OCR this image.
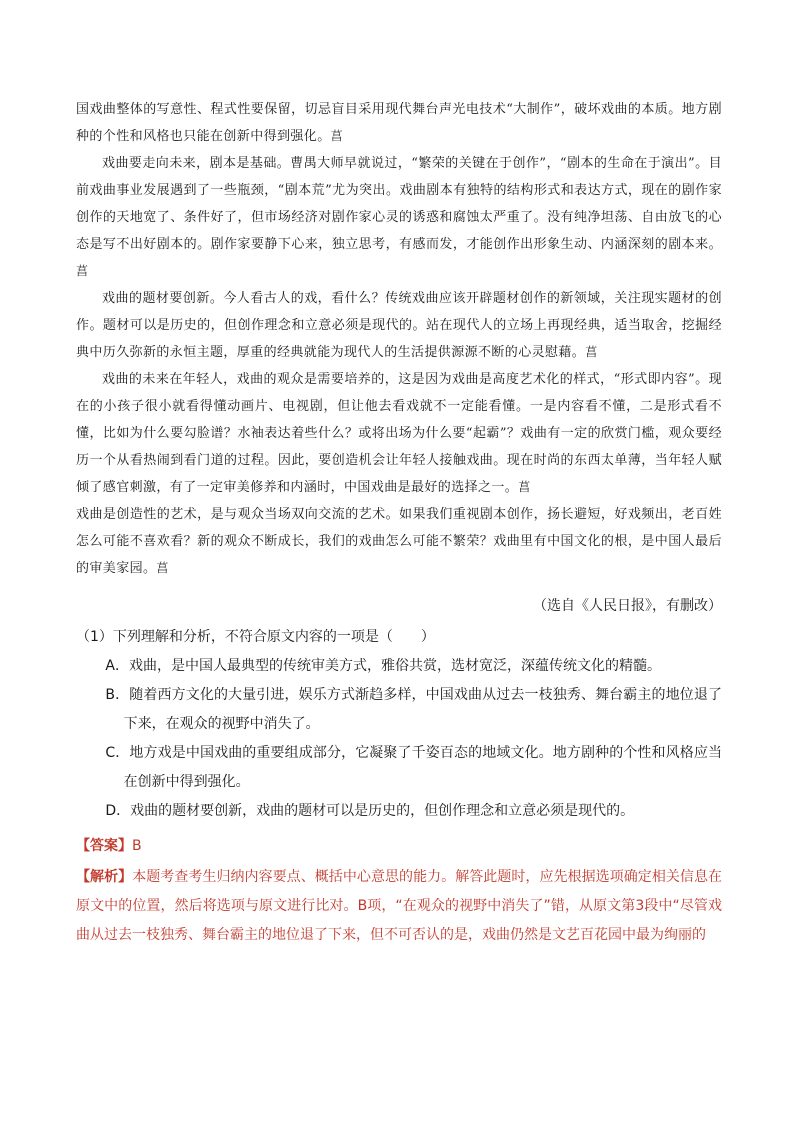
国戏曲整体的写意性、程式性要保留，切忌盲目采用现代舞台声光电技术“大制作”，破坏戏曲的本质。地方剧种的个性和风格也只能在创新中得到强化。菖

戏曲要走向未来，剧本是基础。曹禺大师早就说过，“繁荣的关键在于创作”，“剧本的生命在于演出”。目前戏曲事业发展遇到了一些瓶颈，“剧本荒”尤为突出。戏曲剧本有独特的结构形式和表达方式，现在的剧作家创作的天地宽了、条件好了，但市场经济对剧作家心灵的诱惑和腐蚀太严重了。没有纯净坦荡、自由放飞的心态是写不出好剧本的。剧作家要静下心来，独立思考，有感而发，才能创作出形象生动、内涵深刻的剧本来。菖

戏曲的题材要创新。今人看古人的戏，看什么？传统戏曲应该开辟题材创作的新领域，关注现实题材的创作。题材可以是历史的，但创作理念和立意必须是现代的。站在现代人的立场上再现经典，适当取舍，挖掘经典中历久弥新的永恒主题，厚重的经典就能为现代人的生活提供源源不断的心灵慰藉。菖

戏曲的未来在年轻人，戏曲的观众是需要培养的，这是因为戏曲是高度艺术化的样式，“形式即内容”。现在的小孩子很小就看得懂动画片、电视剧，但让他去看戏就不一定能看懂。一是内容看不懂，二是形式看不懂，比如为什么要勾脸谱？水袖表达着些什么？或将出场为什么要“起霸”？戏曲有一定的欣赏门槛，观众要经历一个从看热闹到看门道的过程。因此，要创造机会让年轻人接触戏曲。现在时尚的东西太单薄，当年轻人赋倾了感官刺激，有了一定审美修养和内涵时，中国戏曲是最好的选择之一。菖

戏曲是创造性的艺术，是与观众当场双向交流的艺术。如果我们重视剧本创作，扬长避短，好戏频出，老百姓怎么可能不喜欢看？新的观众不断成长，我们的戏曲怎么可能不繁荣？戏曲里有中国文化的根，是中国人最后的审美家园。菖

（选自《人民日报》，有删改）

（1）下列理解和分析，不符合原文内容的一项是（　　）

A．戏曲，是中国人最典型的传统审美方式，雅俗共赏，选材宽泛，深蕴传统文化的精髓。

B．随着西方文化的大量引进，娱乐方式渐趋多样，中国戏曲从过去一枝独秀、舞台霸主的地位退了下来，在观众的视野中消失了。

C．地方戏是中国戏曲的重要组成部分，它凝聚了千姿百态的地域文化。地方剧种的个性和风格应当在创新中得到强化。

D．戏曲的题材要创新，戏曲的题材可以是历史的，但创作理念和立意必须是现代的。

【答案】B

【解析】本题考查考生归纳内容要点、概括中心意思的能力。解答此题时，应先根据选项确定相关信息在原文中的位置，然后将选项与原文进行比对。B项，“在观众的视野中消失了”错，从原文第3段中“尽管戏曲从过去一枝独秀、舞台霸主的地位退了下来，但不可否认的是，戏曲仍然是文艺百花园中最为绚丽的
